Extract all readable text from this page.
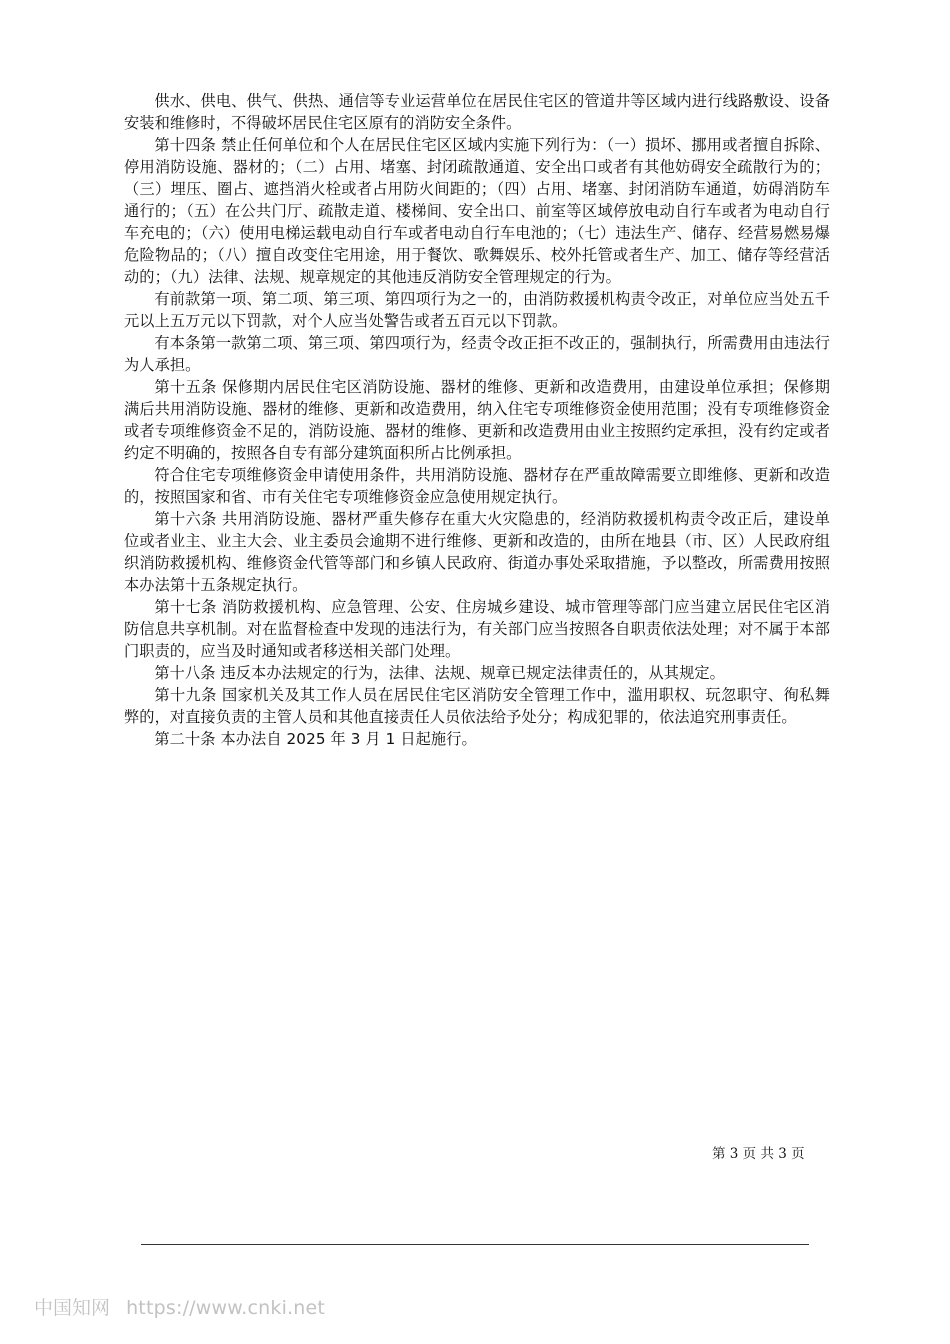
供水、供电、供气、供热、通信等专业运营单位在居民住宅区的管道井等区域内进行线路敷设、设备安装和维修时，不得破坏居民住宅区原有的消防安全条件。

第十四条 禁止任何单位和个人在居民住宅区区域内实施下列行为：（一）损坏、挪用或者擅自拆除、停用消防设施、器材的；（二）占用、堵塞、封闭疏散通道、安全出口或者有其他妨碍安全疏散行为的；（三）埋压、圈占、遮挡消火栓或者占用防火间距的；（四）占用、堵塞、封闭消防车通道，妨碍消防车通行的；（五）在公共门厅、疏散走道、楼梯间、安全出口、前室等区域停放电动自行车或者为电动自行车充电的；（六）使用电梯运载电动自行车或者电动自行车电池的；（七）违法生产、储存、经营易燃易爆危险物品的；（八）擅自改变住宅用途，用于餐饮、歌舞娱乐、校外托管或者生产、加工、储存等经营活动的；（九）法律、法规、规章规定的其他违反消防安全管理规定的行为。

有前款第一项、第二项、第三项、第四项行为之一的，由消防救援机构责令改正，对单位应当处五千元以上五万元以下罚款，对个人应当处警告或者五百元以下罚款。

有本条第一款第二项、第三项、第四项行为，经责令改正拒不改正的，强制执行，所需费用由违法行为人承担。

第十五条 保修期内居民住宅区消防设施、器材的维修、更新和改造费用，由建设单位承担；保修期满后共用消防设施、器材的维修、更新和改造费用，纳入住宅专项维修资金使用范围；没有专项维修资金或者专项维修资金不足的，消防设施、器材的维修、更新和改造费用由业主按照约定承担，没有约定或者约定不明确的，按照各自专有部分建筑面积所占比例承担。

符合住宅专项维修资金申请使用条件，共用消防设施、器材存在严重故障需要立即维修、更新和改造的，按照国家和省、市有关住宅专项维修资金应急使用规定执行。

第十六条 共用消防设施、器材严重失修存在重大火灾隐患的，经消防救援机构责令改正后，建设单位或者业主、业主大会、业主委员会逾期不进行维修、更新和改造的，由所在地县（市、区）人民政府组织消防救援机构、维修资金代管等部门和乡镇人民政府、街道办事处采取措施，予以整改，所需费用按照本办法第十五条规定执行。

第十七条 消防救援机构、应急管理、公安、住房城乡建设、城市管理等部门应当建立居民住宅区消防信息共享机制。对在监督检查中发现的违法行为，有关部门应当按照各自职责依法处理；对不属于本部门职责的，应当及时通知或者移送相关部门处理。

第十八条 违反本办法规定的行为，法律、法规、规章已规定法律责任的，从其规定。

第十九条 国家机关及其工作人员在居民住宅区消防安全管理工作中，滥用职权、玩忽职守、徇私舞弊的，对直接负责的主管人员和其他直接责任人员依法给予处分；构成犯罪的，依法追究刑事责任。

第二十条 本办法自 2025 年 3 月 1 日起施行。

第 3 页 共 3 页
中国知网 https://www.cnki.net
